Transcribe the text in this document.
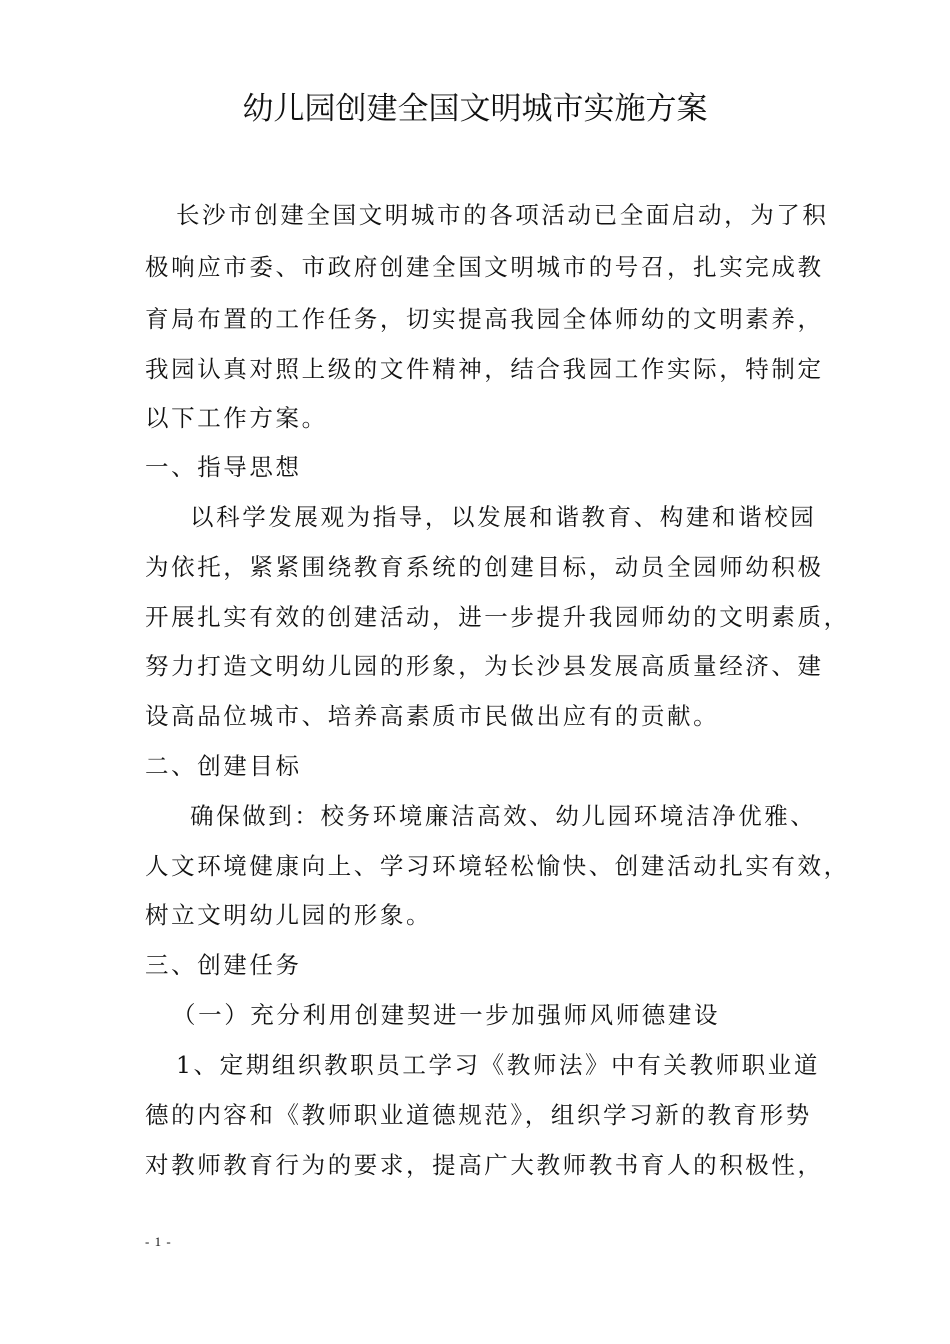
幼儿园创建全国文明城市实施方案
长沙市创建全国文明城市的各项活动已全面启动，为了积
极响应市委、市政府创建全国文明城市的号召，扎实完成教
育局布置的工作任务，切实提高我园全体师幼的文明素养，
我园认真对照上级的文件精神，结合我园工作实际，特制定
以下工作方案。
一、指导思想
以科学发展观为指导，以发展和谐教育、构建和谐校园
为依托，紧紧围绕教育系统的创建目标，动员全园师幼积极
开展扎实有效的创建活动，进一步提升我园师幼的文明素质，
努力打造文明幼儿园的形象，为长沙县发展高质量经济、建
设高品位城市、培养高素质市民做出应有的贡献。
二、创建目标
确保做到：校务环境廉洁高效、幼儿园环境洁净优雅、
人文环境健康向上、学习环境轻松愉快、创建活动扎实有效，
树立文明幼儿园的形象。
三、创建任务
（一）充分利用创建契进一步加强师风师德建设
1、定期组织教职员工学习《教师法》中有关教师职业道
德的内容和《教师职业道德规范》，组织学习新的教育形势
对教师教育行为的要求，提高广大教师教书育人的积极性，
- 1 -
